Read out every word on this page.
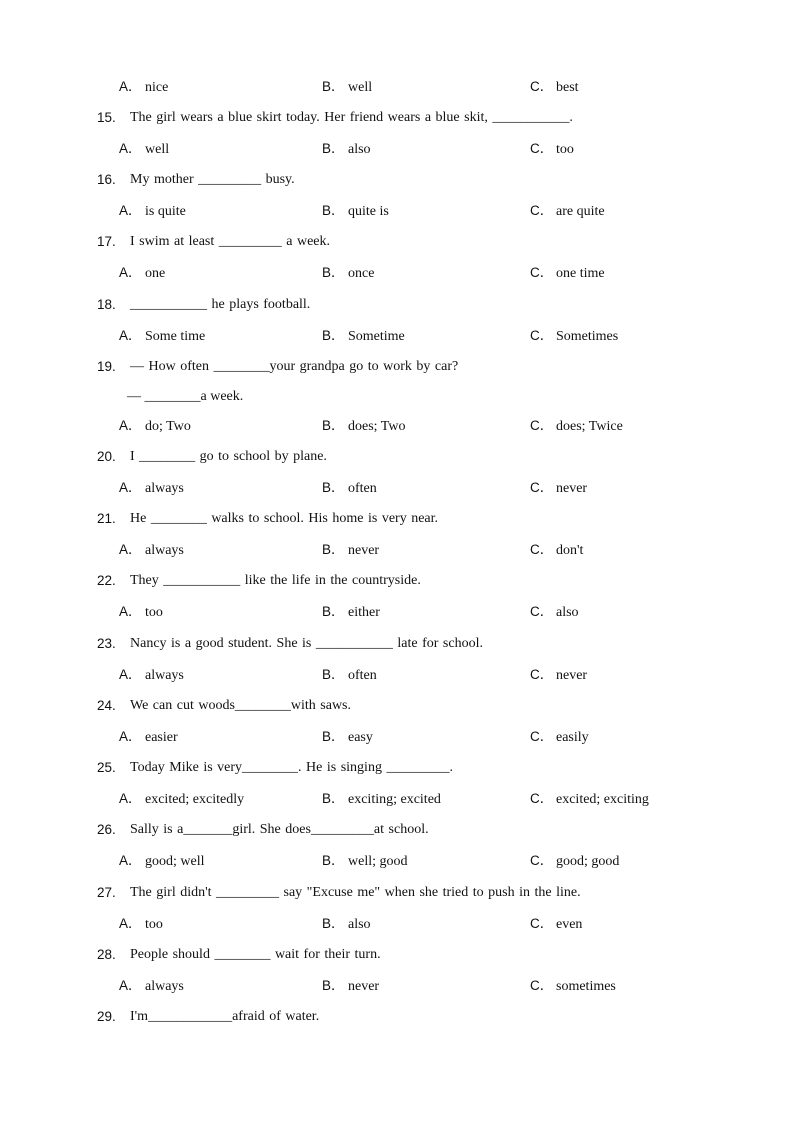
A． nice	B． well	C． best
15. The girl wears a blue skirt today. Her friend wears a blue skit, ___________.
A． well	B． also	C． too
16. My mother _________ busy.
A． is quite	B． quite is	C． are quite
17. I swim at least _________ a week.
A． one	B． once	C． one time
18. ___________ he plays football.
A． Some time	B． Sometime	C． Sometimes
19. — How often ________your grandpa go to work by car?
— ________a week.
A． do; Two	B． does; Two	C． does; Twice
20. I ________ go to school by plane.
A． always	B． often	C． never
21. He ________ walks to school. His home is very near.
A． always	B． never	C． don't
22. They ___________ like the life in the countryside.
A． too	B． either	C． also
23. Nancy is a good student. She is ___________ late for school.
A． always	B． often	C． never
24. We can cut woods________with saws.
A． easier	B． easy	C． easily
25. Today Mike is very________. He is singing _________.
A． excited; excitedly	B． exciting; excited	C． excited; exciting
26. Sally is a_______girl. She does_________at school.
A． good; well	B． well; good	C． good; good
27. The girl didn't _________ say "Excuse me" when she tried to push in the line.
A． too	B． also	C． even
28. People should ________ wait for their turn.
A． always	B． never	C． sometimes
29. I'm____________afraid of water.
